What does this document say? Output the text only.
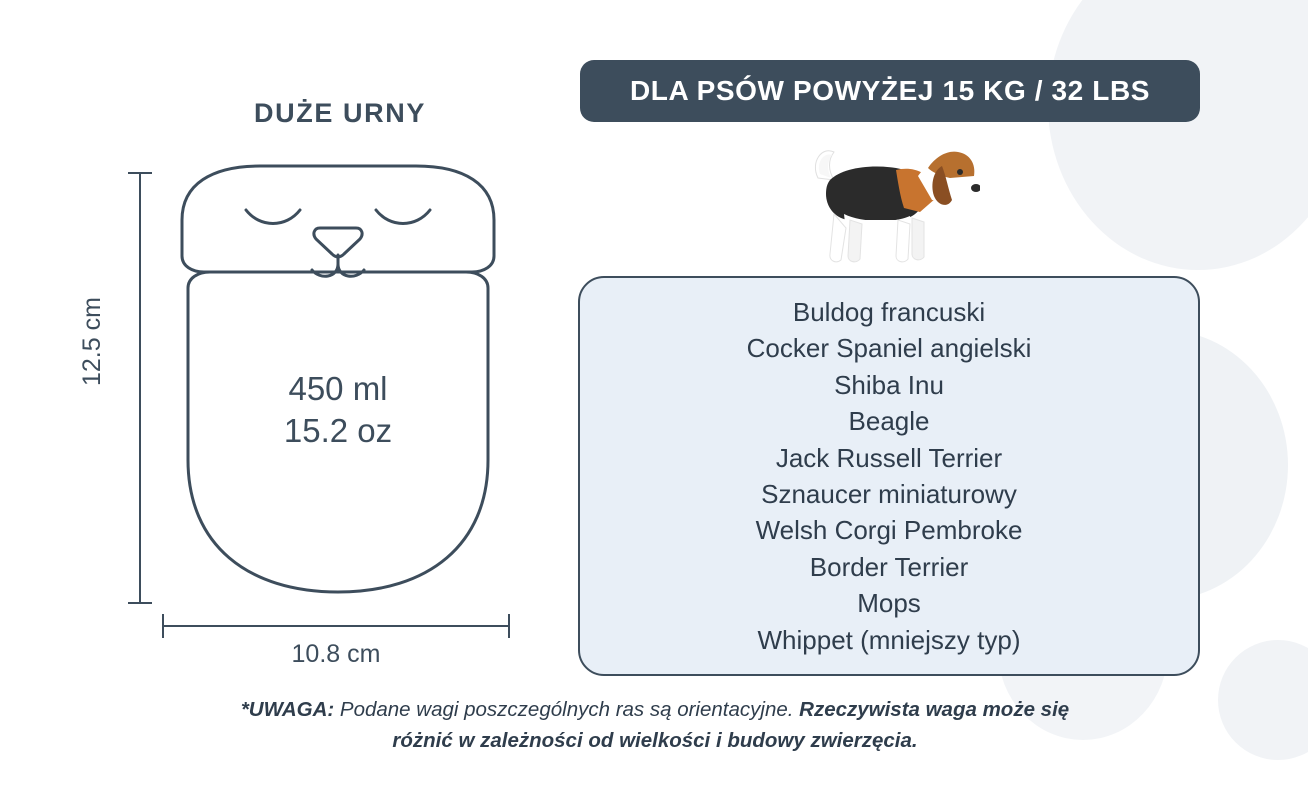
DUŻE URNY
450 ml
15.2 oz
12.5 cm
10.8 cm
DLA PSÓW POWYŻEJ 15 KG / 32 LBS
Buldog francuski
Cocker Spaniel angielski
Shiba Inu
Beagle
Jack Russell Terrier
Sznaucer miniaturowy
Welsh Corgi Pembroke
Border Terrier
Mops
Whippet (mniejszy typ)
*UWAGA: Podane wagi poszczególnych ras są orientacyjne. Rzeczywista waga może się różnić w zależności od wielkości i budowy zwierzęcia.
